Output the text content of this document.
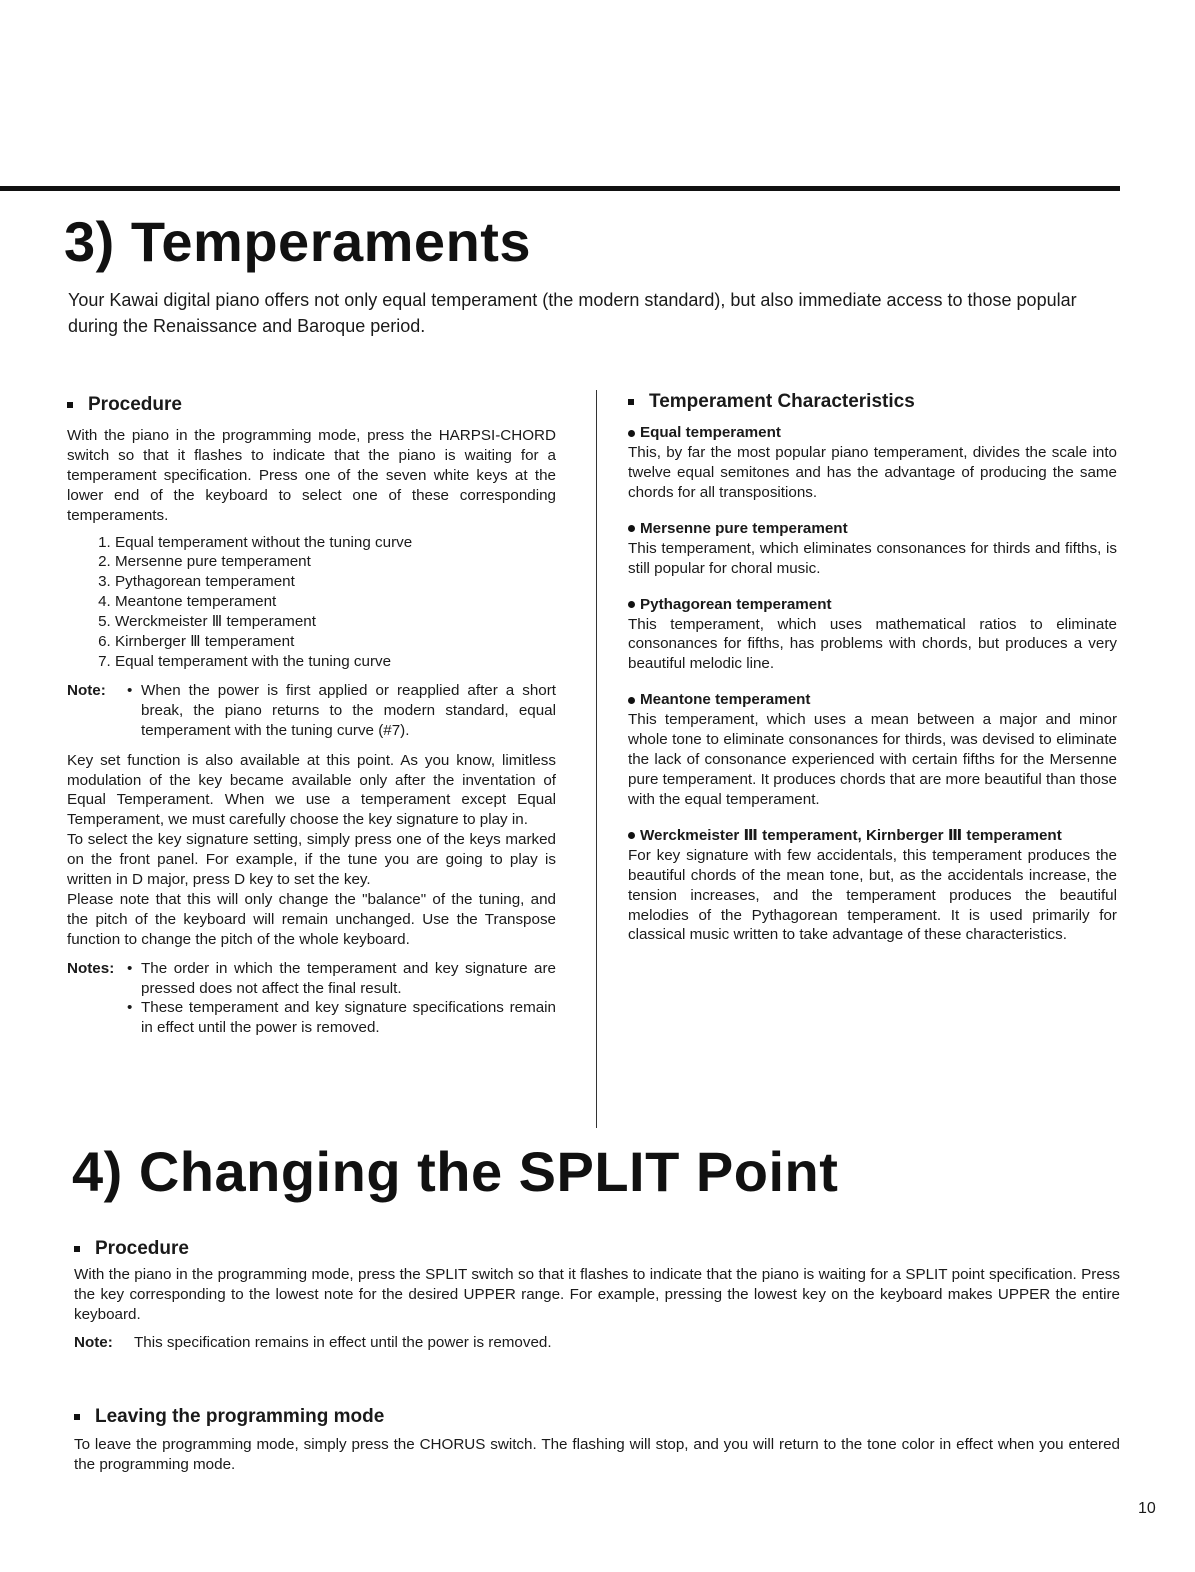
3) Temperaments

Your Kawai digital piano offers not only equal temperament (the modern standard), but also immediate access to those popular during the Renaissance and Baroque period.

Procedure

With the piano in the programming mode, press the HARPSI-CHORD switch so that it flashes to indicate that the piano is waiting for a temperament specification. Press one of the seven white keys at the lower end of the keyboard to select one of these corresponding temperaments.

1. Equal temperament without the tuning curve
2. Mersenne pure temperament
3. Pythagorean temperament
4. Meantone temperament
5. Werckmeister Ⅲ temperament
6. Kirnberger Ⅲ temperament
7. Equal temperament with the tuning curve
Note:	• When the power is first applied or reapplied after a short break, the piano returns to the modern standard, equal temperament with the tuning curve (#7).

Key set function is also available at this point. As you know, limitless modulation of the key became available only after the inventation of Equal Temperament. When we use a temperament except Equal Temperament, we must carefully choose the key signature to play in.

To select the key signature setting, simply press one of the keys marked on the front panel. For example, if the tune you are going to play is written in D major, press D key to set the key.

Please note that this will only change the "balance" of the tuning, and the pitch of the keyboard will remain unchanged. Use the Transpose function to change the pitch of the whole keyboard.

Notes:	• The order in which the temperament and key signature are pressed does not affect the final result.
• These temperament and key signature specifications remain in effect until the power is removed.
Temperament Characteristics
Equal temperament

This, by far the most popular piano temperament, divides the scale into twelve equal semitones and has the advantage of producing the same chords for all transpositions.

Mersenne pure temperament

This temperament, which eliminates consonances for thirds and fifths, is still popular for choral music.

Pythagorean temperament

This temperament, which uses mathematical ratios to eliminate consonances for fifths, has problems with chords, but produces a very beautiful melodic line.

Meantone temperament

This temperament, which uses a mean between a major and minor whole tone to eliminate consonances for thirds, was devised to eliminate the lack of consonance experienced with certain fifths for the Mersenne pure temperament. It produces chords that are more beautiful than those with the equal temperament.

Werckmeister Ⅲ temperament, Kirnberger Ⅲ temperament

For key signature with few accidentals, this temperament produces the beautiful chords of the mean tone, but, as the accidentals increase, the tension increases, and the temperament produces the beautiful melodies of the Pythagorean temperament. It is used primarily for classical music written to take advantage of these characteristics.

4) Changing the SPLIT Point
Procedure

With the piano in the programming mode, press the SPLIT switch so that it flashes to indicate that the piano is waiting for a SPLIT point specification. Press the key corresponding to the lowest note for the desired UPPER range. For example, pressing the lowest key on the keyboard makes UPPER the entire keyboard.

Note:	This specification remains in effect until the power is removed.
Leaving the programming mode

To leave the programming mode, simply press the CHORUS switch. The flashing will stop, and you will return to the tone color in effect when you entered the programming mode.

10
